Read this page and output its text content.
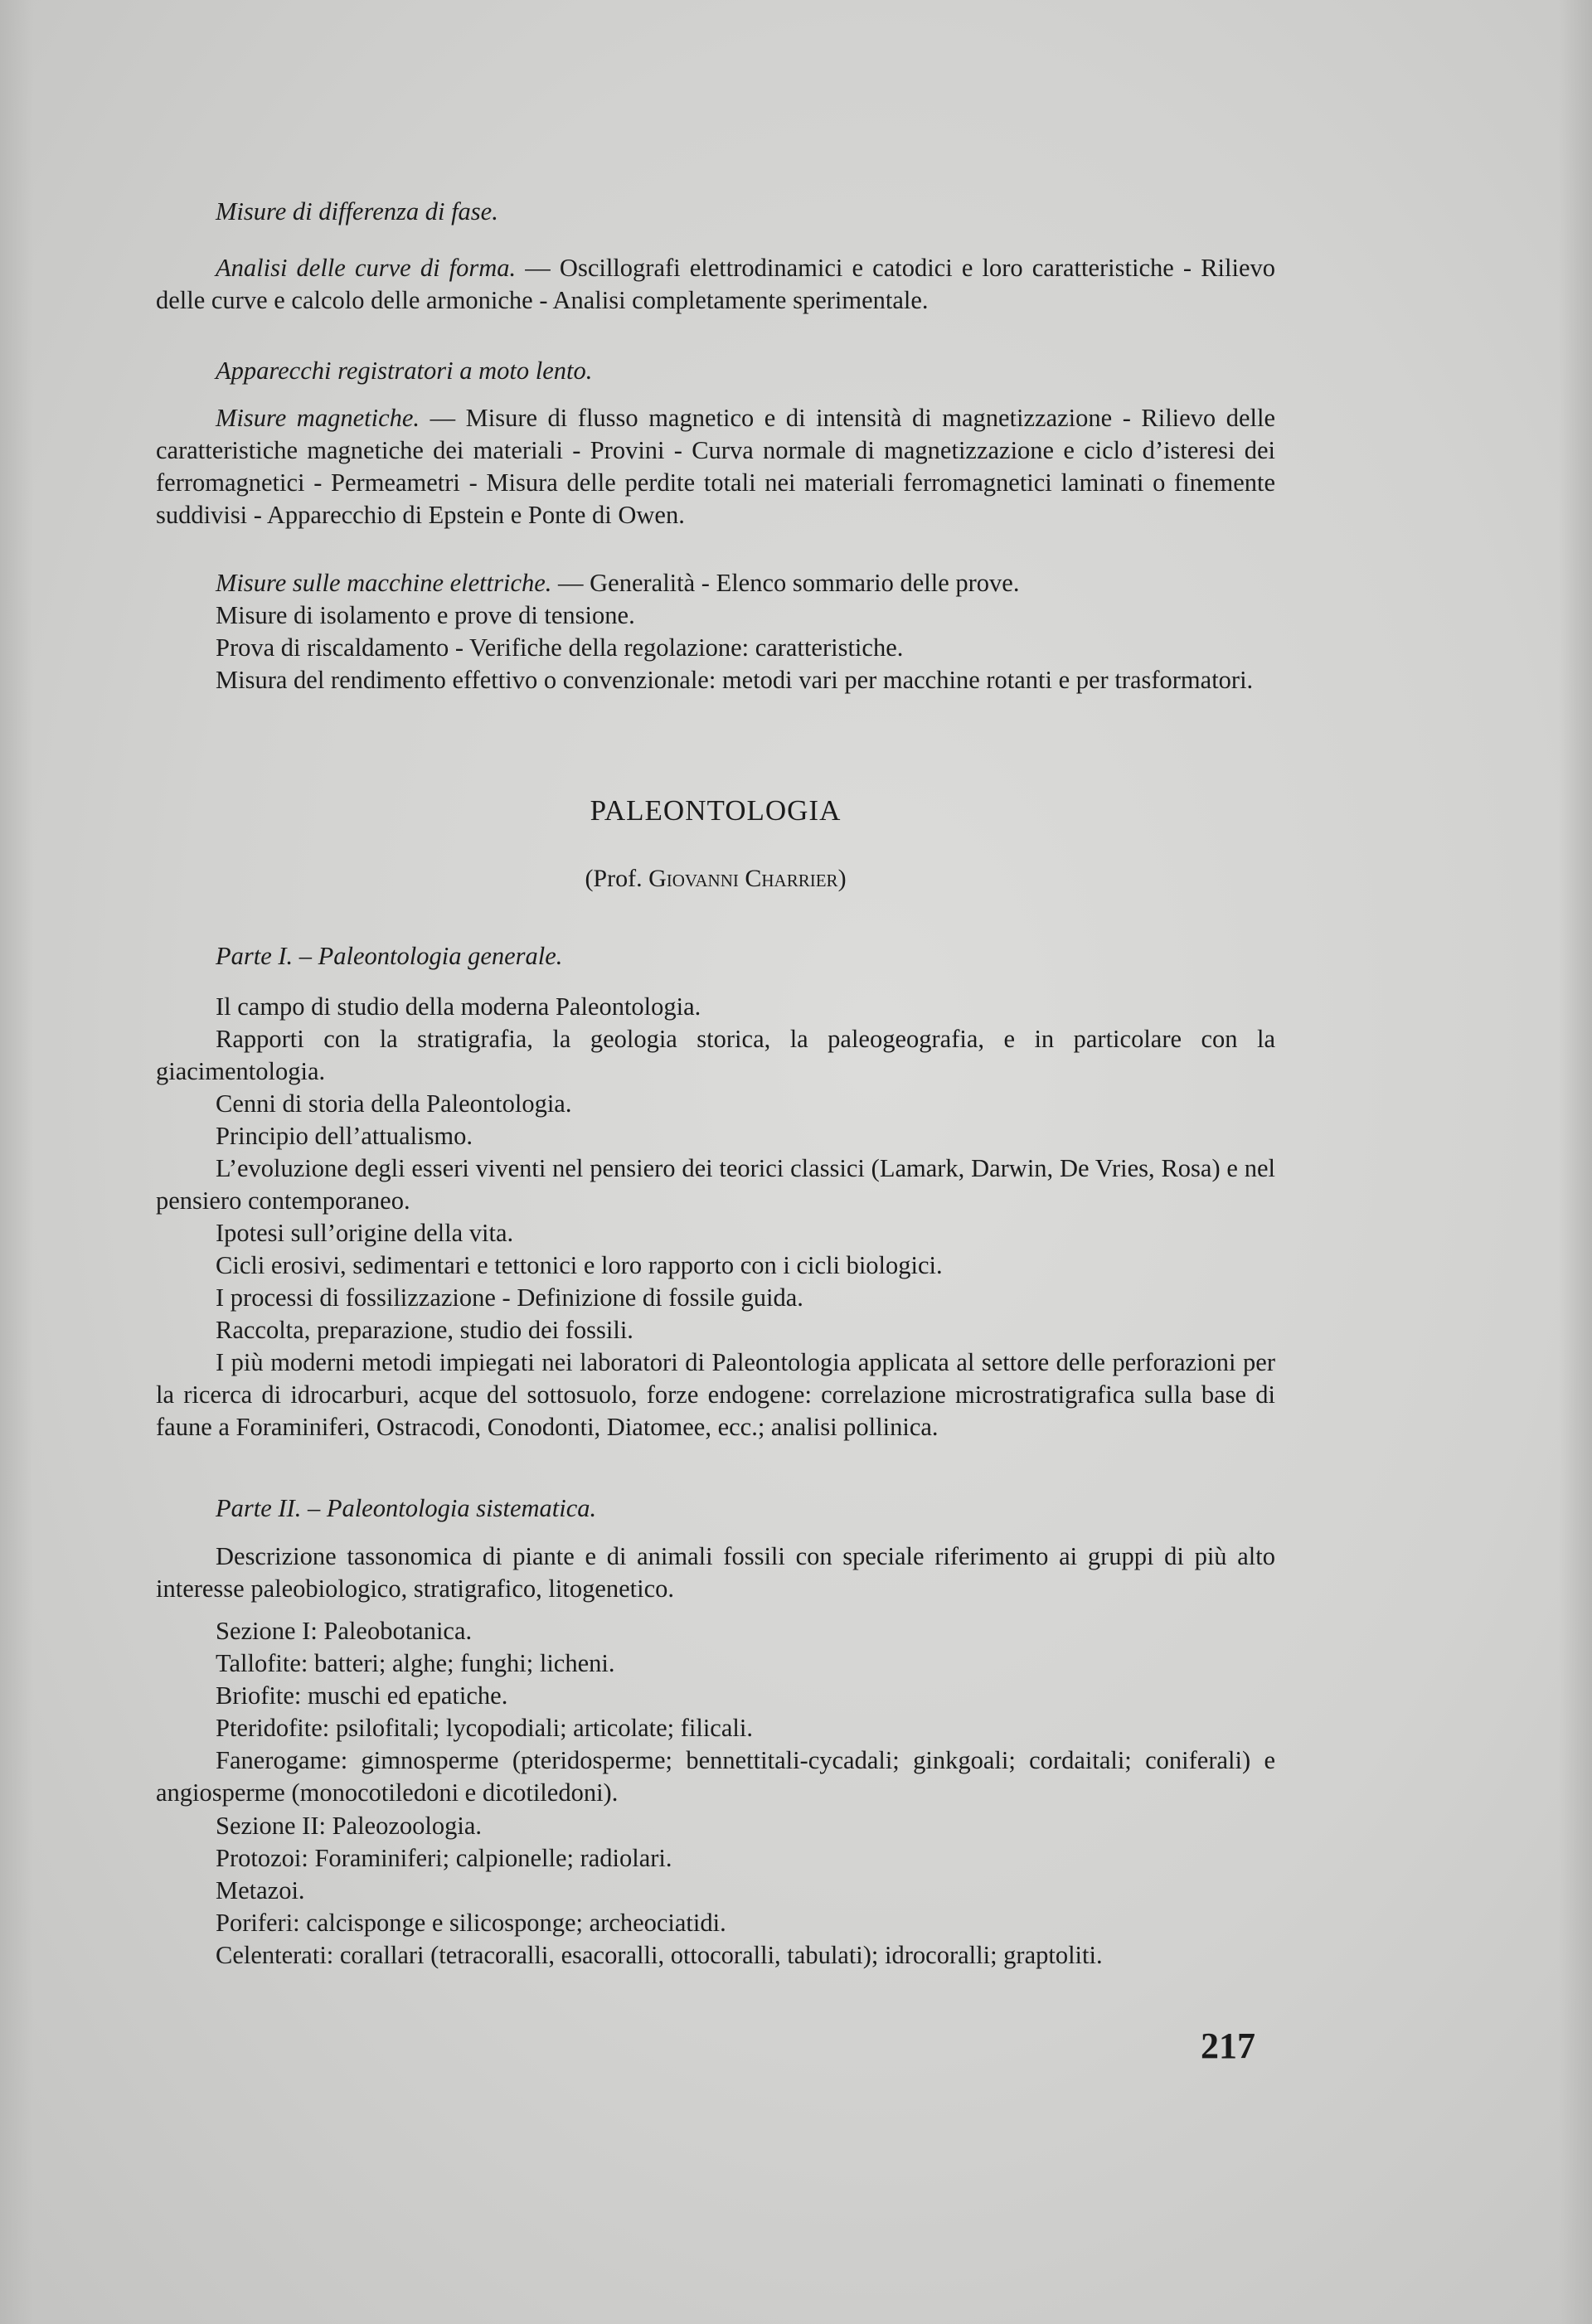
Misure di differenza di fase.

Analisi delle curve di forma. — Oscillografi elettrodinamici e catodici e loro caratteristiche - Rilievo delle curve e calcolo delle armoniche - Analisi completamente sperimentale.

Apparecchi registratori a moto lento.

Misure magnetiche. — Misure di flusso magnetico e di intensità di magnetizzazione - Rilievo delle caratteristiche magnetiche dei materiali - Provini - Curva normale di magnetizzazione e ciclo d’isteresi dei ferromagnetici - Permeametri - Misura delle perdite totali nei materiali ferromagnetici laminati o finemente suddivisi - Apparecchio di Epstein e Ponte di Owen.

Misure sulle macchine elettriche. — Generalità - Elenco sommario delle prove.

Misure di isolamento e prove di tensione.

Prova di riscaldamento - Verifiche della regolazione: caratteristiche.

Misura del rendimento effettivo o convenzionale: metodi vari per macchine rotanti e per trasformatori.

PALEONTOLOGIA

(Prof. Giovanni Charrier)

Parte I. – Paleontologia generale.

Il campo di studio della moderna Paleontologia.

Rapporti con la stratigrafia, la geologia storica, la paleogeografia, e in particolare con la giacimentologia.

Cenni di storia della Paleontologia.

Principio dell’attualismo.

L’evoluzione degli esseri viventi nel pensiero dei teorici classici (Lamark, Darwin, De Vries, Rosa) e nel pensiero contemporaneo.

Ipotesi sull’origine della vita.

Cicli erosivi, sedimentari e tettonici e loro rapporto con i cicli biologici.

I processi di fossilizzazione - Definizione di fossile guida.

Raccolta, preparazione, studio dei fossili.

I più moderni metodi impiegati nei laboratori di Paleontologia applicata al settore delle perforazioni per la ricerca di idrocarburi, acque del sottosuolo, forze endogene: correlazione microstratigrafica sulla base di faune a Foraminiferi, Ostracodi, Conodonti, Diatomee, ecc.; analisi pollinica.

Parte II. – Paleontologia sistematica.

Descrizione tassonomica di piante e di animali fossili con speciale riferimento ai gruppi di più alto interesse paleobiologico, stratigrafico, litogenetico.

Sezione I: Paleobotanica.

Tallofite: batteri; alghe; funghi; licheni.

Briofite: muschi ed epatiche.

Pteridofite: psilofitali; lycopodiali; articolate; filicali.

Fanerogame: gimnosperme (pteridosperme; bennettitali-cycadali; ginkgoali; cordaitali; coniferali) e angiosperme (monocotiledoni e dicotiledoni).

Sezione II: Paleozoologia.

Protozoi: Foraminiferi; calpionelle; radiolari.

Metazoi.

Poriferi: calcisponge e silicosponge; archeociatidi.

Celenterati: corallari (tetracoralli, esacoralli, ottocoralli, tabulati); idrocoralli; graptoliti.

217
